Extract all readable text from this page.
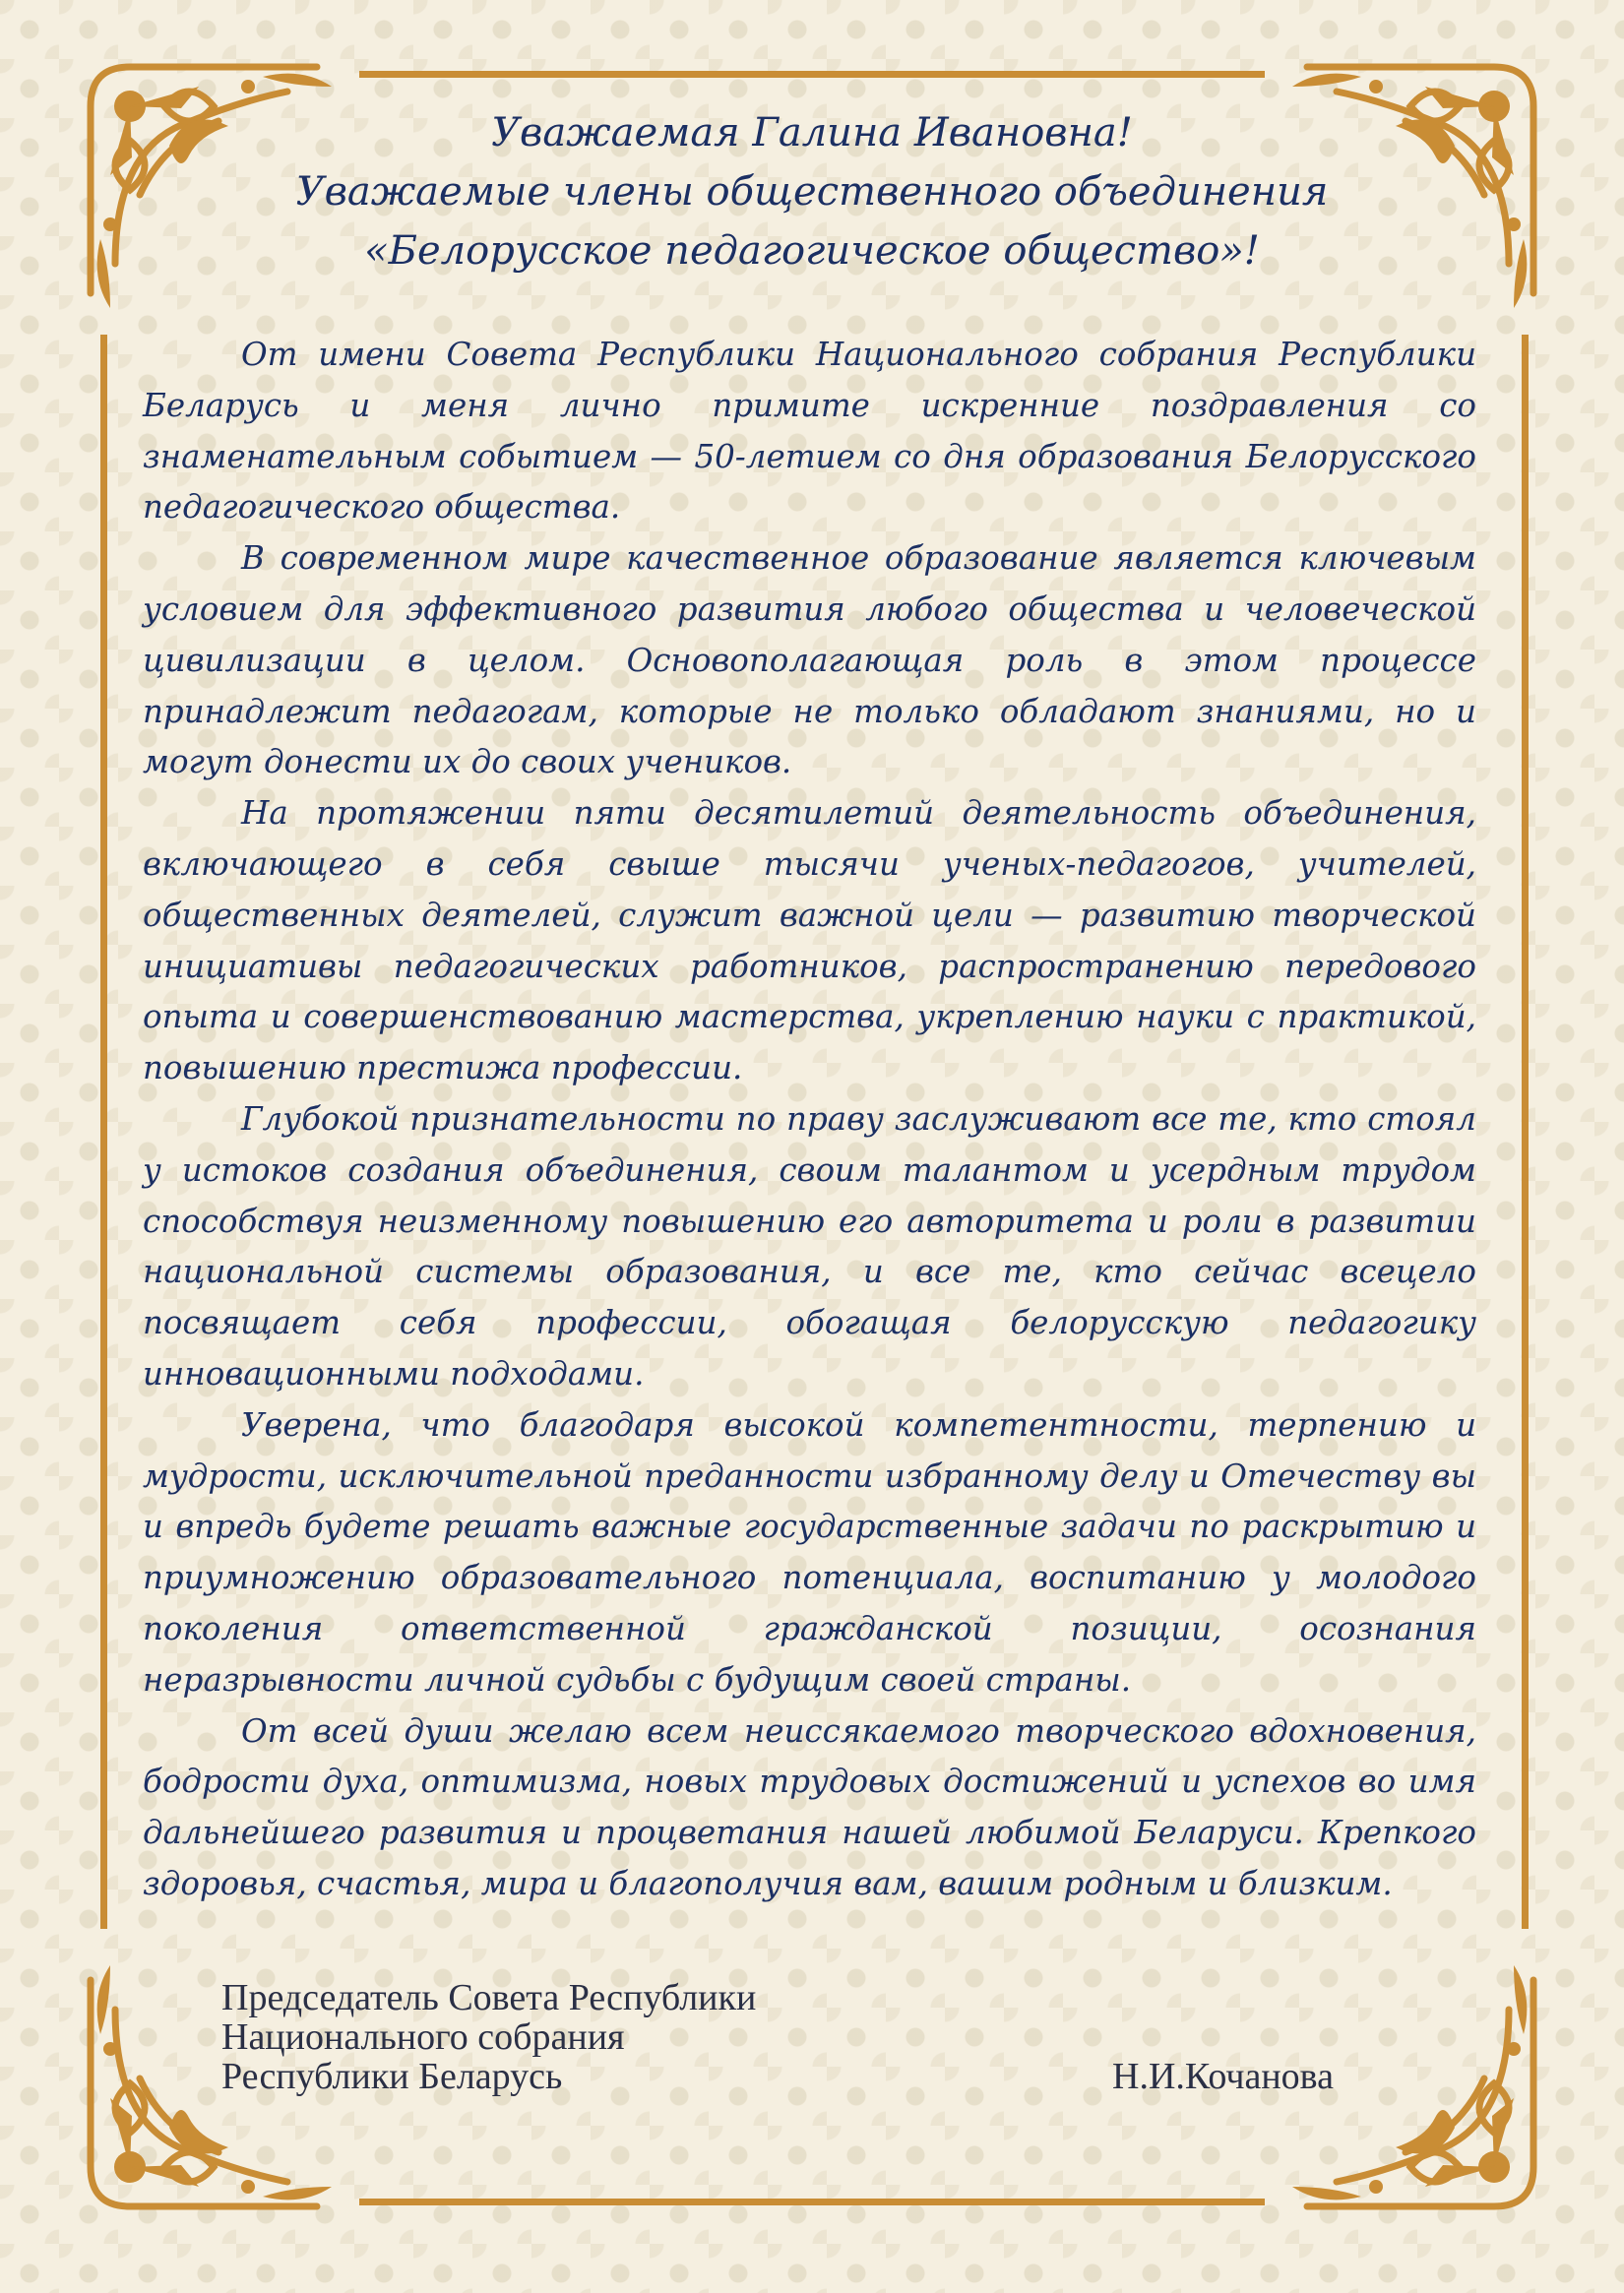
Уважаемая Галина Ивановна!
Уважаемые члены общественного объединения
«Белорусское педагогическое общество»!

От имени Совета Республики Национального собрания Республики Беларусь и меня лично примите искренние поздравления со знаменательным событием — 50-летием со дня образования Белорусского педагогического общества.

В современном мире качественное образование является ключевым условием для эффективного развития любого общества и человеческой цивилизации в целом. Основополагающая роль в этом процессе принадлежит педагогам, которые не только обладают знаниями, но и могут донести их до своих учеников.

На протяжении пяти десятилетий деятельность объединения, включающего в себя свыше тысячи ученых-педагогов, учителей, общественных деятелей, служит важной цели — развитию творческой инициативы педагогических работников, распространению передового опыта и совершенствованию мастерства, укреплению науки с практикой, повышению престижа профессии.

Глубокой признательности по праву заслуживают все те, кто стоял у истоков создания объединения, своим талантом и усердным трудом способствуя неизменному повышению его авторитета и роли в развитии национальной системы образования, и все те, кто сейчас всецело посвящает себя профессии, обогащая белорусскую педагогику инновационными подходами.

Уверена, что благодаря высокой компетентности, терпению и мудрости, исключительной преданности избранному делу и Отечеству вы и впредь будете решать важные государственные задачи по раскрытию и приумножению образовательного потенциала, воспитанию у молодого поколения ответственной гражданской позиции, осознания неразрывности личной судьбы с будущим своей страны.

От всей души желаю всем неиссякаемого творческого вдохновения, бодрости духа, оптимизма, новых трудовых достижений и успехов во имя дальнейшего развития и процветания нашей любимой Беларуси. Крепкого здоровья, счастья, мира и благополучия вам, вашим родным и близким.

Председатель Совета Республики
Национального собрания
Республики Беларусь	Н.И.Кочанова
